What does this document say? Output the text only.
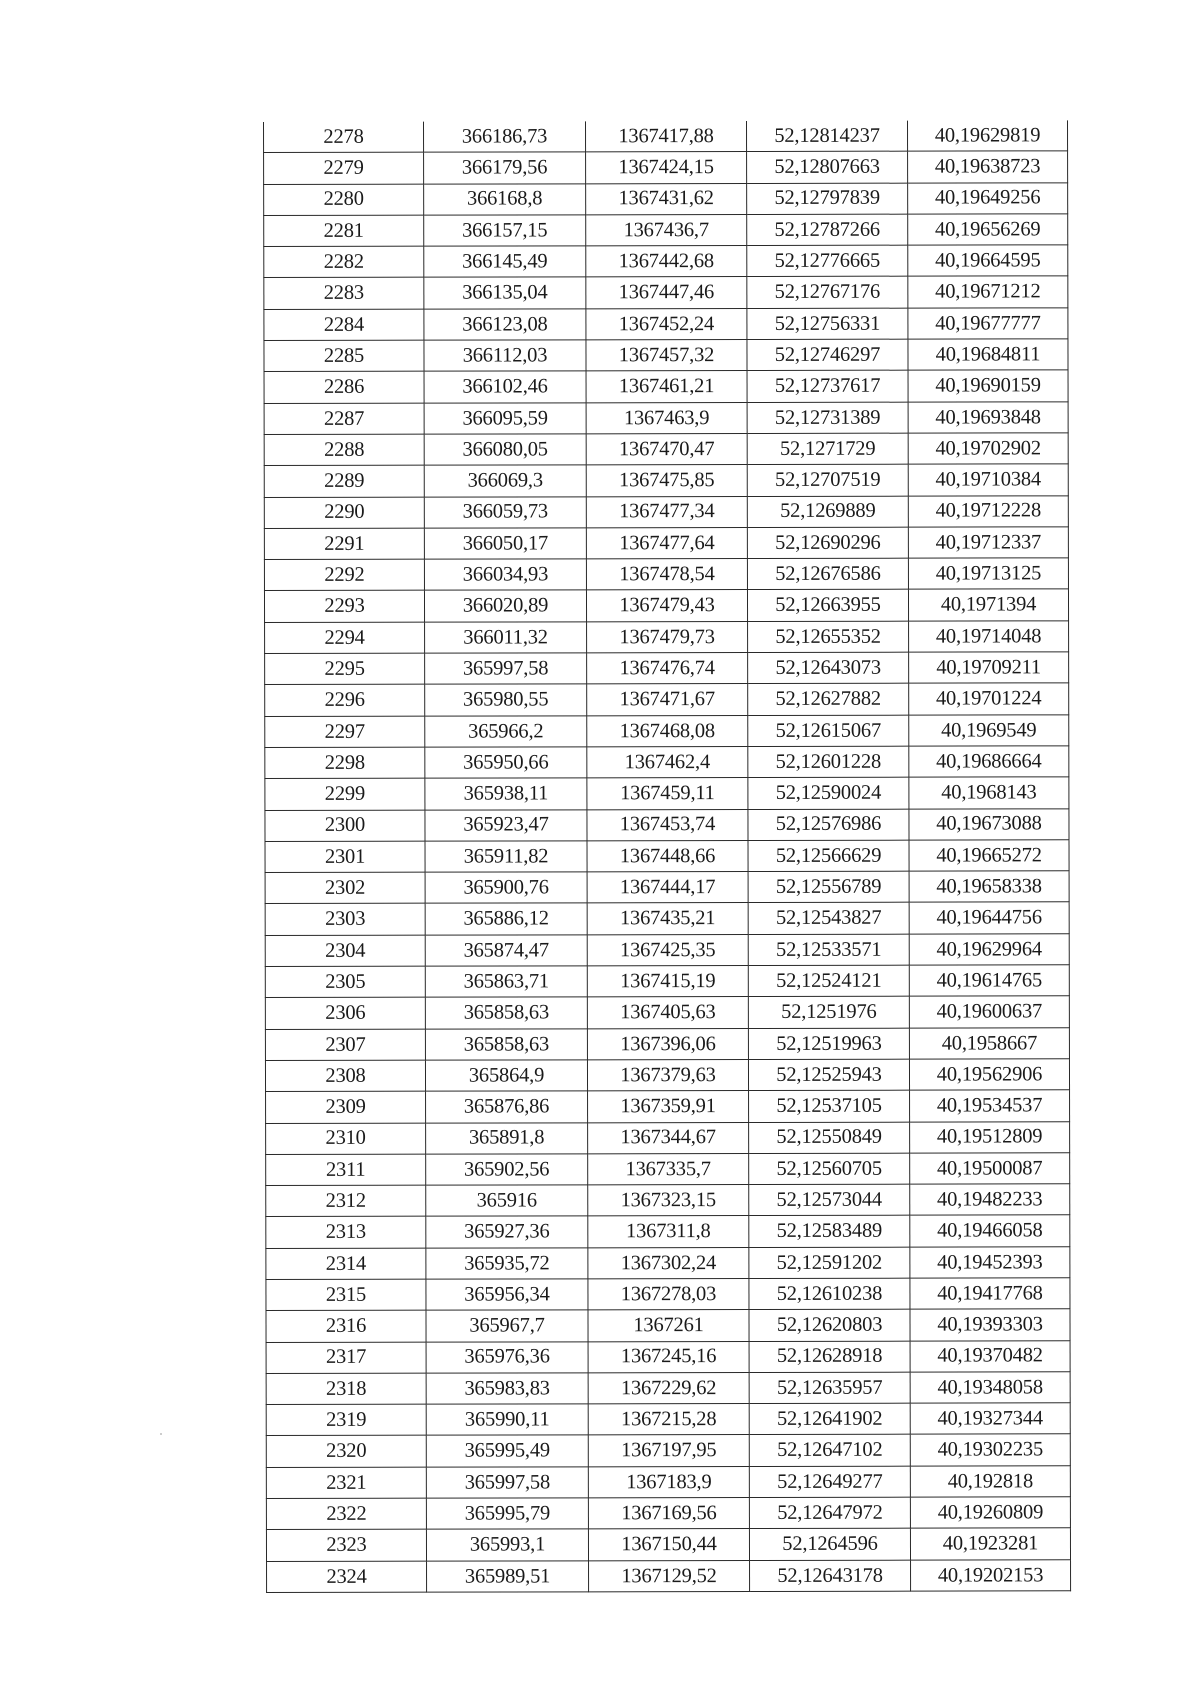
2278	366186,73	1367417,88	52,12814237	40,19629819
2279	366179,56	1367424,15	52,12807663	40,19638723
2280	366168,8	1367431,62	52,12797839	40,19649256
2281	366157,15	1367436,7	52,12787266	40,19656269
2282	366145,49	1367442,68	52,12776665	40,19664595
2283	366135,04	1367447,46	52,12767176	40,19671212
2284	366123,08	1367452,24	52,12756331	40,19677777
2285	366112,03	1367457,32	52,12746297	40,19684811
2286	366102,46	1367461,21	52,12737617	40,19690159
2287	366095,59	1367463,9	52,12731389	40,19693848
2288	366080,05	1367470,47	52,1271729	40,19702902
2289	366069,3	1367475,85	52,12707519	40,19710384
2290	366059,73	1367477,34	52,1269889	40,19712228
2291	366050,17	1367477,64	52,12690296	40,19712337
2292	366034,93	1367478,54	52,12676586	40,19713125
2293	366020,89	1367479,43	52,12663955	40,1971394
2294	366011,32	1367479,73	52,12655352	40,19714048
2295	365997,58	1367476,74	52,12643073	40,19709211
2296	365980,55	1367471,67	52,12627882	40,19701224
2297	365966,2	1367468,08	52,12615067	40,1969549
2298	365950,66	1367462,4	52,12601228	40,19686664
2299	365938,11	1367459,11	52,12590024	40,1968143
2300	365923,47	1367453,74	52,12576986	40,19673088
2301	365911,82	1367448,66	52,12566629	40,19665272
2302	365900,76	1367444,17	52,12556789	40,19658338
2303	365886,12	1367435,21	52,12543827	40,19644756
2304	365874,47	1367425,35	52,12533571	40,19629964
2305	365863,71	1367415,19	52,12524121	40,19614765
2306	365858,63	1367405,63	52,1251976	40,19600637
2307	365858,63	1367396,06	52,12519963	40,1958667
2308	365864,9	1367379,63	52,12525943	40,19562906
2309	365876,86	1367359,91	52,12537105	40,19534537
2310	365891,8	1367344,67	52,12550849	40,19512809
2311	365902,56	1367335,7	52,12560705	40,19500087
2312	365916	1367323,15	52,12573044	40,19482233
2313	365927,36	1367311,8	52,12583489	40,19466058
2314	365935,72	1367302,24	52,12591202	40,19452393
2315	365956,34	1367278,03	52,12610238	40,19417768
2316	365967,7	1367261	52,12620803	40,19393303
2317	365976,36	1367245,16	52,12628918	40,19370482
2318	365983,83	1367229,62	52,12635957	40,19348058
2319	365990,11	1367215,28	52,12641902	40,19327344
2320	365995,49	1367197,95	52,12647102	40,19302235
2321	365997,58	1367183,9	52,12649277	40,192818
2322	365995,79	1367169,56	52,12647972	40,19260809
2323	365993,1	1367150,44	52,1264596	40,1923281
2324	365989,51	1367129,52	52,12643178	40,19202153
